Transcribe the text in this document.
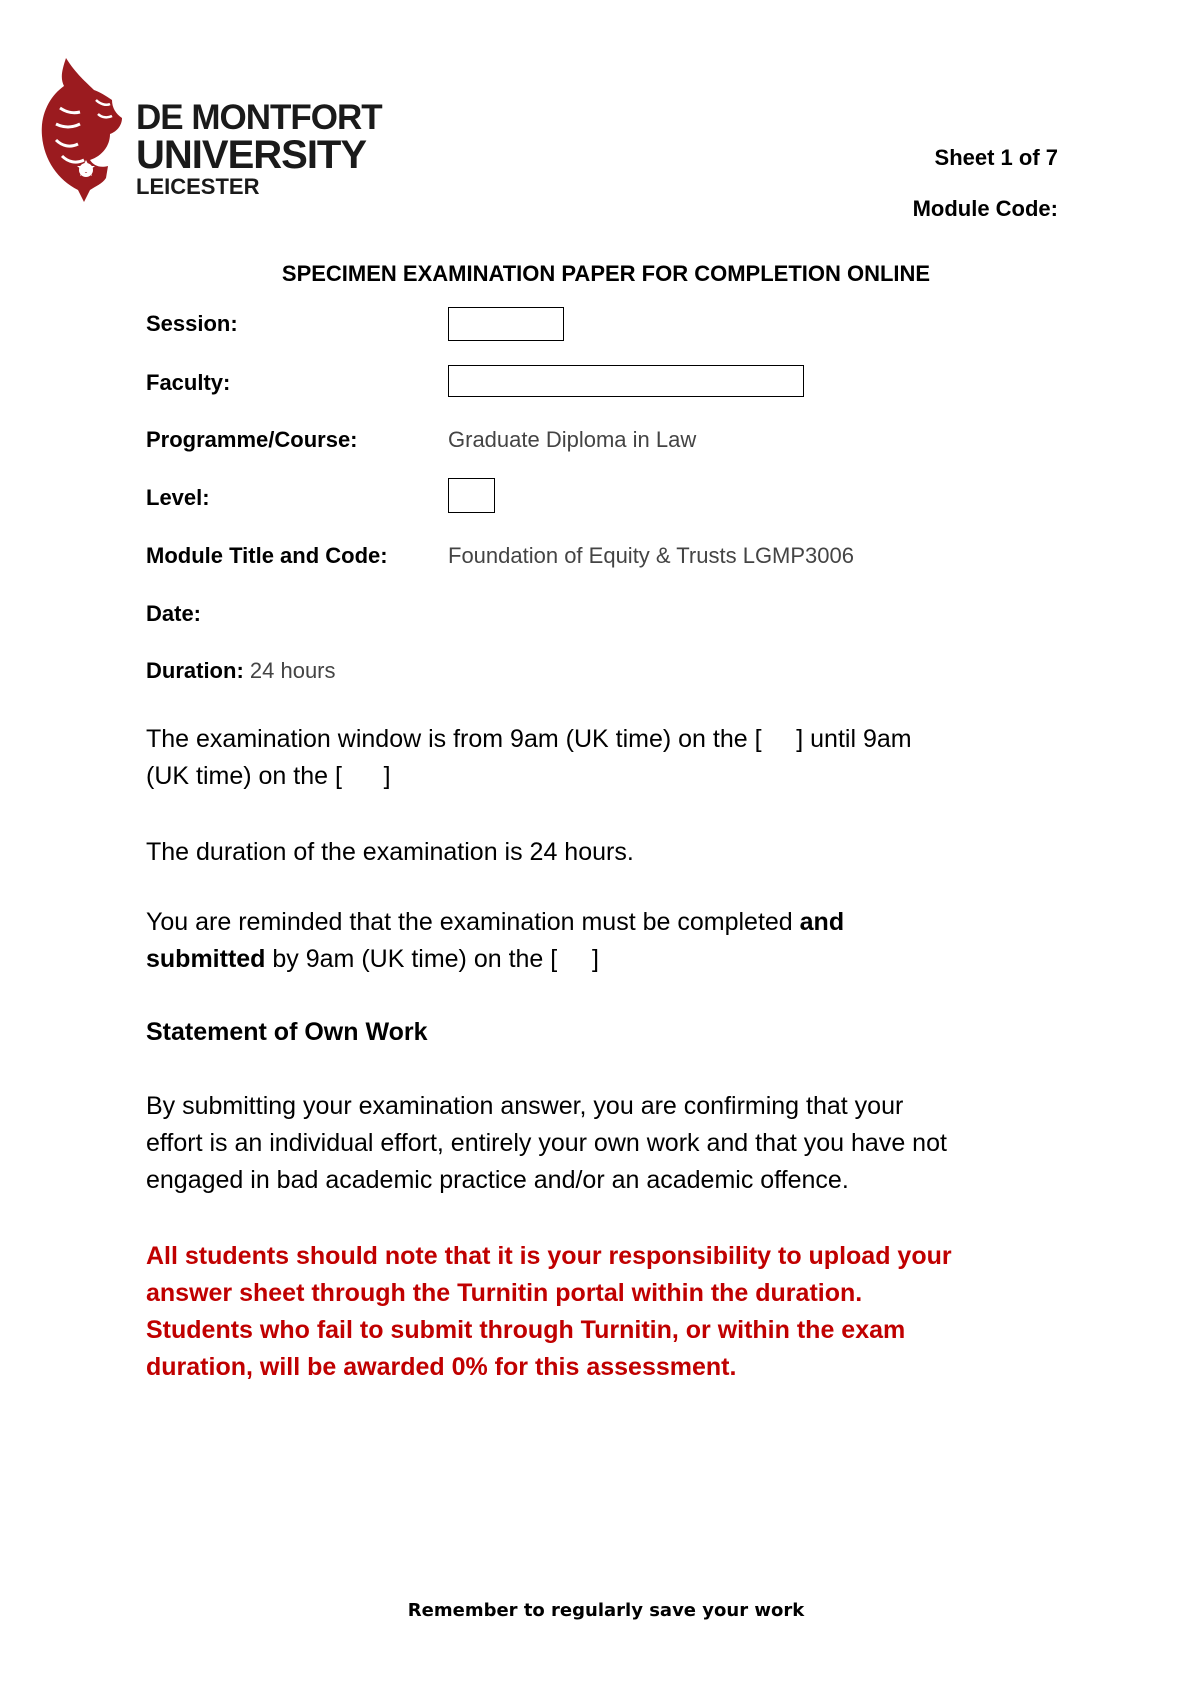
DE MONTFORT
UNIVERSITY
LEICESTER
Sheet 1 of 7
Module Code:
SPECIMEN EXAMINATION PAPER FOR COMPLETION ONLINE
Session:
Faculty:
Programme/Course:	Graduate Diploma in Law
Level:
Module Title and Code:	Foundation of Equity & Trusts LGMP3006
Date:
Duration: 24 hours
The examination window is from 9am (UK time) on the [     ] until 9am
(UK time) on the [      ]
The duration of the examination is 24 hours.
You are reminded that the examination must be completed and
submitted by 9am (UK time) on the [     ]
Statement of Own Work
By submitting your examination answer, you are confirming that your
effort is an individual effort, entirely your own work and that you have not
engaged in bad academic practice and/or an academic offence.
All students should note that it is your responsibility to upload your
answer sheet through the Turnitin portal within the duration.
Students who fail to submit through Turnitin, or within the exam
duration, will be awarded 0% for this assessment.
Remember to regularly save your work
